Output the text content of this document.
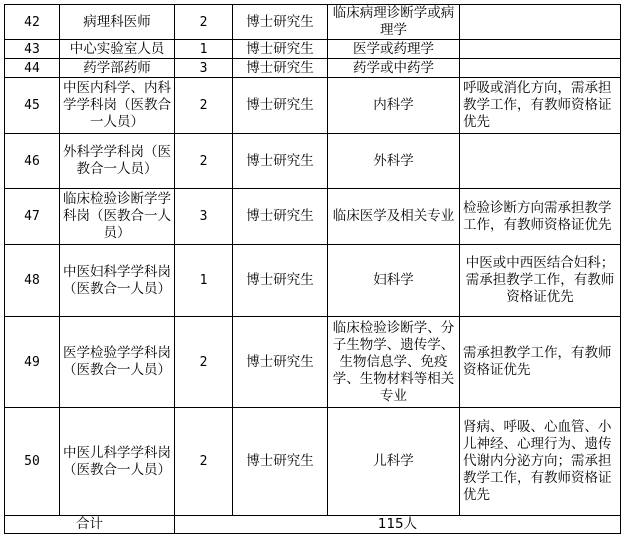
42	病理科医师	2	博士研究生	临床病理诊断学或病理学	
43	中心实验室人员	1	博士研究生	医学或药理学	
44	药学部药师	3	博士研究生	药学或中药学	
45	中医内科学、内科学学科岗（医教合一人员）	2	博士研究生	内科学	呼吸或消化方向，需承担教学工作，有教师资格证优先
46	外科学学科岗（医教合一人员）	2	博士研究生	外科学	
47	临床检验诊断学学科岗（医教合一人员）	3	博士研究生	临床医学及相关专业	检验诊断方向需承担教学工作，有教师资格证优先
48	中医妇科学学科岗（医教合一人员）	1	博士研究生	妇科学	中医或中西医结合妇科；需承担教学工作，有教师资格证优先
49	医学检验学学科岗（医教合一人员）	2	博士研究生	临床检验诊断学、分子生物学、遗传学、生物信息学、免疫学、生物材料等相关专业	需承担教学工作，有教师资格证优先
50	中医儿科学学科岗（医教合一人员）	2	博士研究生	儿科学	肾病、呼吸、心血管、小儿神经、心理行为、遗传代谢内分泌方向；需承担教学工作，有教师资格证优先
合计		115人			
